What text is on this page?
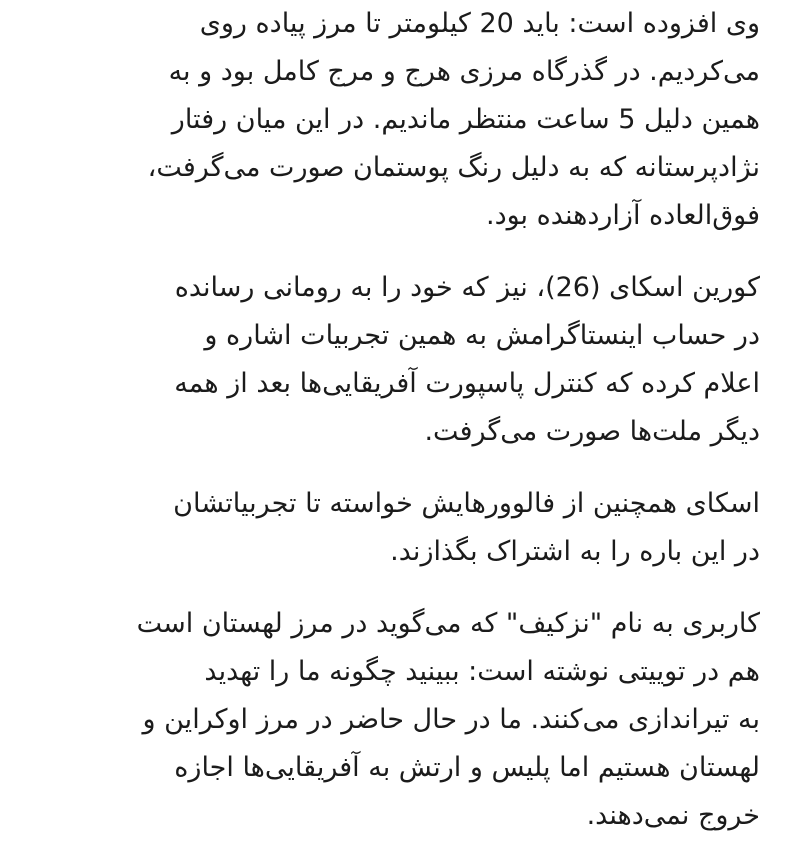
وی افزوده است: باید 20 کیلومتر تا مرز پیاده روی
می‌کردیم. در گذرگاه مرزی هرج و مرج کامل بود و به
همین دلیل 5 ساعت منتظر ماندیم. در این میان رفتار
نژادپرستانه که به دلیل رنگ پوستمان صورت می‌گرفت،
فوق‌العاده آزاردهنده بود.
کورین اسکای (26)، نیز که خود را به رومانی رسانده
در حساب اینستاگرامش به همین تجربیات اشاره و
اعلام کرده که کنترل پاسپورت آفریقایی‌ها بعد از همه
دیگر ملت‌ها صورت می‌گرفت.
اسکای همچنین از فالوورهایش خواسته تا تجربیاتشان
در این باره را به اشتراک بگذازند.
کاربری به نام "نزکیف" که می‌گوید در مرز لهستان است
هم در توییتی نوشته است: ببینید چگونه ما را تهدید
به تیراندازی می‌کنند. ما در حال حاضر در مرز اوکراین و
لهستان هستیم اما پلیس و ارتش به آفریقایی‌ها اجازه
خروج نمی‌دهند.
